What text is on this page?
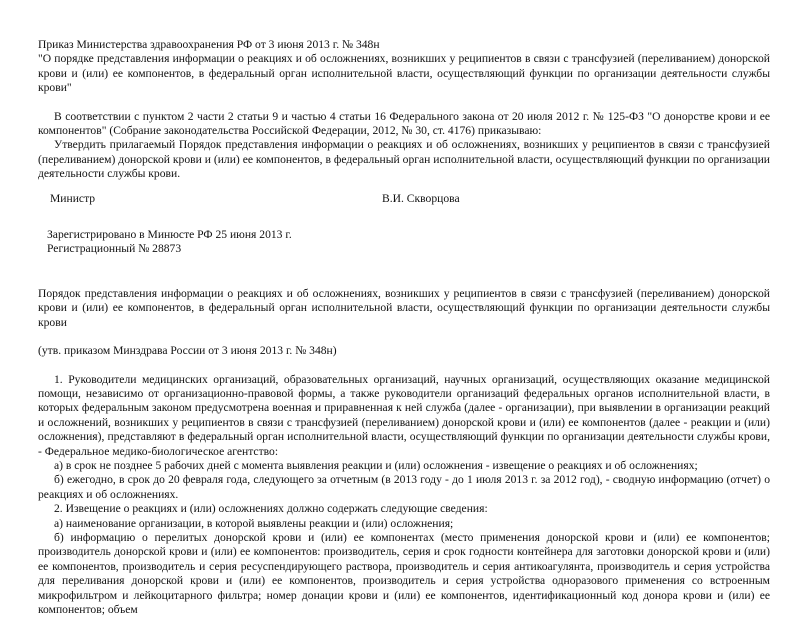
Приказ Министерства здравоохранения РФ от 3 июня 2013 г. № 348н

"О порядке представления информации о реакциях и об осложнениях, возникших у реципиентов в связи с трансфузией (переливанием) донорской крови и (или) ее компонентов, в федеральный орган исполнительной власти, осуществляющий функции по организации деятельности службы крови"

В соответствии с пунктом 2 части 2 статьи 9 и частью 4 статьи 16 Федерального закона от 20 июля 2012 г. № 125-ФЗ "О донорстве крови и ее компонентов" (Собрание законодательства Российской Федерации, 2012, № 30, ст. 4176) приказываю:

Утвердить прилагаемый Порядок представления информации о реакциях и об осложнениях, возникших у реципиентов в связи с трансфузией (переливанием) донорской крови и (или) ее компонентов, в федеральный орган исполнительной власти, осуществляющий функции по организации деятельности службы крови.

Министр	В.И. Скворцова
Зарегистрировано в Минюсте РФ 25 июня 2013 г.
Регистрационный № 28873

Порядок представления информации о реакциях и об осложнениях, возникших у реципиентов в связи с трансфузией (переливанием) донорской крови и (или) ее компонентов, в федеральный орган исполнительной власти, осуществляющий функции по организации деятельности службы крови

(утв. приказом Минздрава России от 3 июня 2013 г. № 348н)

1. Руководители медицинских организаций, образовательных организаций, научных организаций, осуществляющих оказание медицинской помощи, независимо от организационно-правовой формы, а также руководители организаций федеральных органов исполнительной власти, в которых федеральным законом предусмотрена военная и приравненная к ней служба (далее - организации), при выявлении в организации реакций и осложнений, возникших у реципиентов в связи с трансфузией (переливанием) донорской крови и (или) ее компонентов (далее - реакции и (или) осложнения), представляют в федеральный орган исполнительной власти, осуществляющий функции по организации деятельности службы крови, - Федеральное медико-биологическое агентство:

а) в срок не позднее 5 рабочих дней с момента выявления реакции и (или) осложнения - извещение о реакциях и об осложнениях;

б) ежегодно, в срок до 20 февраля года, следующего за отчетным (в 2013 году - до 1 июля 2013 г. за 2012 год), - сводную информацию (отчет) о реакциях и об осложнениях.

2. Извещение о реакциях и (или) осложнениях должно содержать следующие сведения:

а) наименование организации, в которой выявлены реакции и (или) осложнения;

б) информацию о перелитых донорской крови и (или) ее компонентах (место применения донорской крови и (или) ее компонентов; производитель донорской крови и (или) ее компонентов: производитель, серия и срок годности контейнера для заготовки донорской крови и (или) ее компонентов, производитель и серия ресуспендирующего раствора, производитель и серия антикоагулянта, производитель и серия устройства для переливания донорской крови и (или) ее компонентов, производитель и серия устройства одноразового применения со встроенным микрофильтром и лейкоцитарного фильтра; номер донации крови и (или) ее компонентов, идентификационный код донора крови и (или) ее компонентов; объем
